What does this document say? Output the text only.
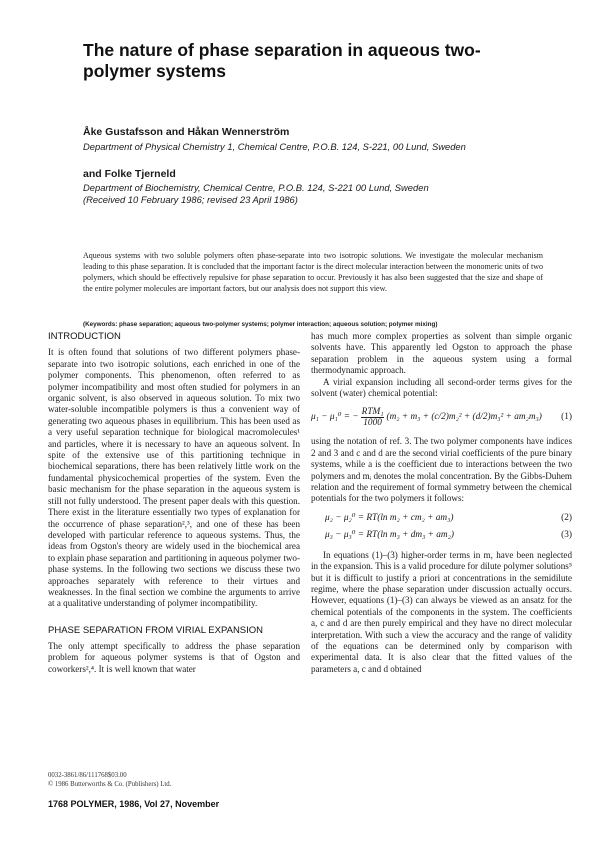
The nature of phase separation in aqueous two-polymer systems
Åke Gustafsson and Håkan Wennerström
Department of Physical Chemistry 1, Chemical Centre, P.O.B. 124, S-221, 00 Lund, Sweden
and Folke Tjerneld
Department of Biochemistry, Chemical Centre, P.O.B. 124, S-221 00 Lund, Sweden
(Received 10 February 1986; revised 23 April 1986)
Aqueous systems with two soluble polymers often phase-separate into two isotropic solutions. We investigate the molecular mechanism leading to this phase separation. It is concluded that the important factor is the direct molecular interaction between the monomeric units of two polymers, which should be effectively repulsive for phase separation to occur. Previously it has also been suggested that the size and shape of the entire polymer molecules are important factors, but our analysis does not support this view.
(Keywords: phase separation; aqueous two-polymer systems; polymer interaction; aqueous solution; polymer mixing)
INTRODUCTION

It is often found that solutions of two different polymers phase-separate into two isotropic solutions, each enriched in one of the polymer components. This phenomenon, often referred to as polymer incompatibility and most often studied for polymers in an organic solvent, is also observed in aqueous solution. To mix two water-soluble incompatible polymers is thus a convenient way of generating two aqueous phases in equilibrium. This has been used as a very useful separation technique for biological macromolecules¹ and particles, where it is necessary to have an aqueous solvent. In spite of the extensive use of this partitioning technique in biochemical separations, there has been relatively little work on the fundamental physicochemical properties of the system. Even the basic mechanism for the phase separation in the aqueous system is still not fully understood. The present paper deals with this question. There exist in the literature essentially two types of explanation for the occurrence of phase separation²,³, and one of these has been developed with particular reference to aqueous systems. Thus, the ideas from Ogston's theory are widely used in the biochemical area to explain phase separation and partitioning in aqueous polymer two-phase systems. In the following two sections we discuss these two approaches separately with reference to their virtues and weaknesses. In the final section we combine the arguments to arrive at a qualitative understanding of polymer incompatibility.

PHASE SEPARATION FROM VIRIAL EXPANSION

The only attempt specifically to address the phase separation problem for aqueous polymer systems is that of Ogston and coworkers²,⁴. It is well known that water

has much more complex properties as solvent than simple organic solvents have. This apparently led Ogston to approach the phase separation problem in the aqueous system using a formal thermodynamic approach.

A virial expansion including all second-order terms gives for the solvent (water) chemical potential:

μ₁ − μ₁⁰ = − RTM₁
1000
(m₂ + m₃ + (c/2)m₂² + (d/2)m₃² + am₂m₃) (1)

using the notation of ref. 3. The two polymer components have indices 2 and 3 and c and d are the second virial coefficients of the pure binary systems, while a is the coefficient due to interactions between the two polymers and mᵢ denotes the molal concentration. By the Gibbs-Duhem relation and the requirement of formal symmetry between the chemical potentials for the two polymers it follows:

μ₂ − μ₂⁰ = RT(ln m₂ + cm₂ + am₃)	(2)
μ₃ − μ₃⁰ = RT(ln m₃ + dm₃ + am₂)	(3)

In equations (1)–(3) higher-order terms in m, have been neglected in the expansion. This is a valid procedure for dilute polymer solutions⁵ but it is difficult to justify a priori at concentrations in the semidilute regime, where the phase separation under discussion actually occurs. However, equations (1)–(3) can always be viewed as an ansatz for the chemical potentials of the components in the system. The coefficients a, c and d are then purely empirical and they have no direct molecular interpretation. With such a view the accuracy and the range of validity of the equations can be determined only by comparison with experimental data. It is also clear that the fitted values of the parameters a, c and d obtained

0032-3861/86/111768$03.00
© 1986 Butterworths & Co. (Publishers) Ltd.
1768 POLYMER, 1986, Vol 27, November
